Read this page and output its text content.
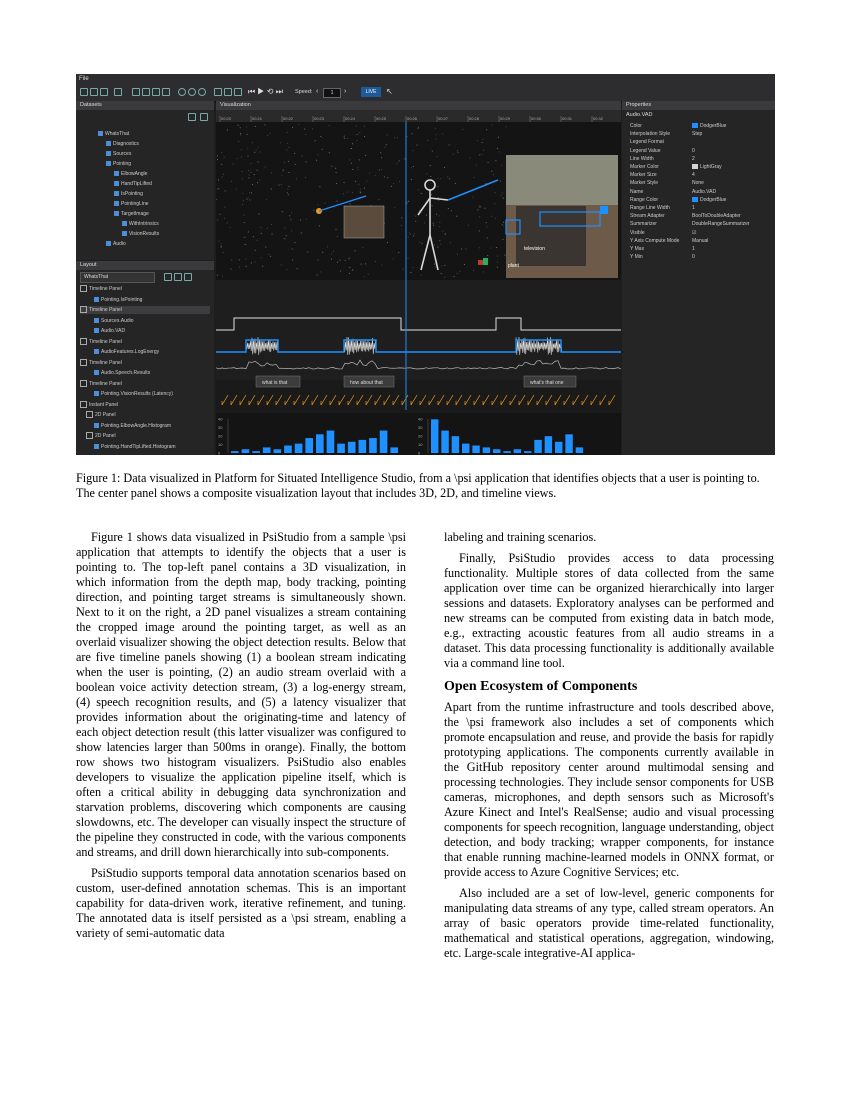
File
⏮ ▶ ⟲ ⏭ Speed: ‹	1	›	LIVE	↖
Datasets
WhatsThat
Diagnostics
Sources
Pointing
ElbowAngle
HandTipLifted
IsPointing
PointingLine
TargetImage
WithIntrinsics
VisionResults
Audio
Layout
WhatsThat
Timeline Panel
Pointing.IsPointing
Timeline Panel
Sources.Audio
Audio.VAD
Timeline Panel
AudioFeatures.LogEnergy
Timeline Panel
Audio.Speech.Results
Timeline Panel
Pointing.VisionResults (Latency)
Instant Panel
2D Panel
Pointing.ElbowAngle.Histogram
2D Panel
Pointing.HandTipLifted.Histogram
Visualization
00:20	00:21	00:22	00:23	00:24	00:25	00:26	00:27	00:28	00:29	00:30	00:31	00:32
television
plant
what is that	how about that	what's that one
40
30
20
10
0
40
30
20
10
0
Properties
Audio.VAD
Color	DodgerBlue
Interpolation Style	Step
Legend Format
Legend Value	0
Line Width	2
Marker Color	LightGray
Marker Size	4
Marker Style	None
Name	Audio.VAD
Range Color	DodgerBlue
Range Line Width	1
Stream Adapter	BoolToDoubleAdapter
Summarizer	DoubleRangeSummarizer
Visible	☑
Y Axis Compute Mode	Manual
Y Max	1
Y Min	0
Figure 1: Data visualized in Platform for Situated Intelligence Studio, from a \psi application that identifies objects that a user is pointing to. The center panel shows a composite visualization layout that includes 3D, 2D, and timeline views.

Figure 1 shows data visualized in PsiStudio from a sample \psi application that attempts to identify the objects that a user is pointing to. The top-left panel contains a 3D visualization, in which information from the depth map, body tracking, pointing direction, and pointing target streams is simultaneously shown. Next to it on the right, a 2D panel visualizes a stream containing the cropped image around the pointing target, as well as an overlaid visualizer showing the object detection results. Below that are five timeline panels showing (1) a boolean stream indicating when the user is pointing, (2) an audio stream overlaid with a boolean voice activity detection stream, (3) a log-energy stream, (4) speech recognition results, and (5) a latency visualizer that provides information about the originating-time and latency of each object detection result (this latter visualizer was configured to show latencies larger than 500ms in orange). Finally, the bottom row shows two histogram visualizers. PsiStudio also enables developers to visualize the application pipeline itself, which is often a critical ability in debugging data synchronization and starvation problems, discovering which components are causing slowdowns, etc. The developer can visually inspect the structure of the pipeline they constructed in code, with the various components and streams, and drill down hierarchically into sub-components.

PsiStudio supports temporal data annotation scenarios based on custom, user-defined annotation schemas. This is an important capability for data-driven work, iterative refinement, and tuning. The annotated data is itself persisted as a \psi stream, enabling a variety of semi-automatic data

labeling and training scenarios.

Finally, PsiStudio provides access to data processing functionality. Multiple stores of data collected from the same application over time can be organized hierarchically into larger sessions and datasets. Exploratory analyses can be performed and new streams can be computed from existing data in batch mode, e.g., extracting acoustic features from all audio streams in a dataset. This data processing functionality is additionally available via a command line tool.

Open Ecosystem of Components

Apart from the runtime infrastructure and tools described above, the \psi framework also includes a set of components which promote encapsulation and reuse, and provide the basis for rapidly prototyping applications. The components currently available in the GitHub repository center around multimodal sensing and processing technologies. They include sensor components for USB cameras, microphones, and depth sensors such as Microsoft's Azure Kinect and Intel's RealSense; audio and visual processing components for speech recognition, language understanding, object detection, and body tracking; wrapper components, for instance that enable running machine-learned models in ONNX format, or provide access to Azure Cognitive Services; etc.

Also included are a set of low-level, generic components for manipulating data streams of any type, called stream operators. An array of basic operators provide time-related functionality, mathematical and statistical operations, aggregation, windowing, etc. Large-scale integrative-AI applica-
